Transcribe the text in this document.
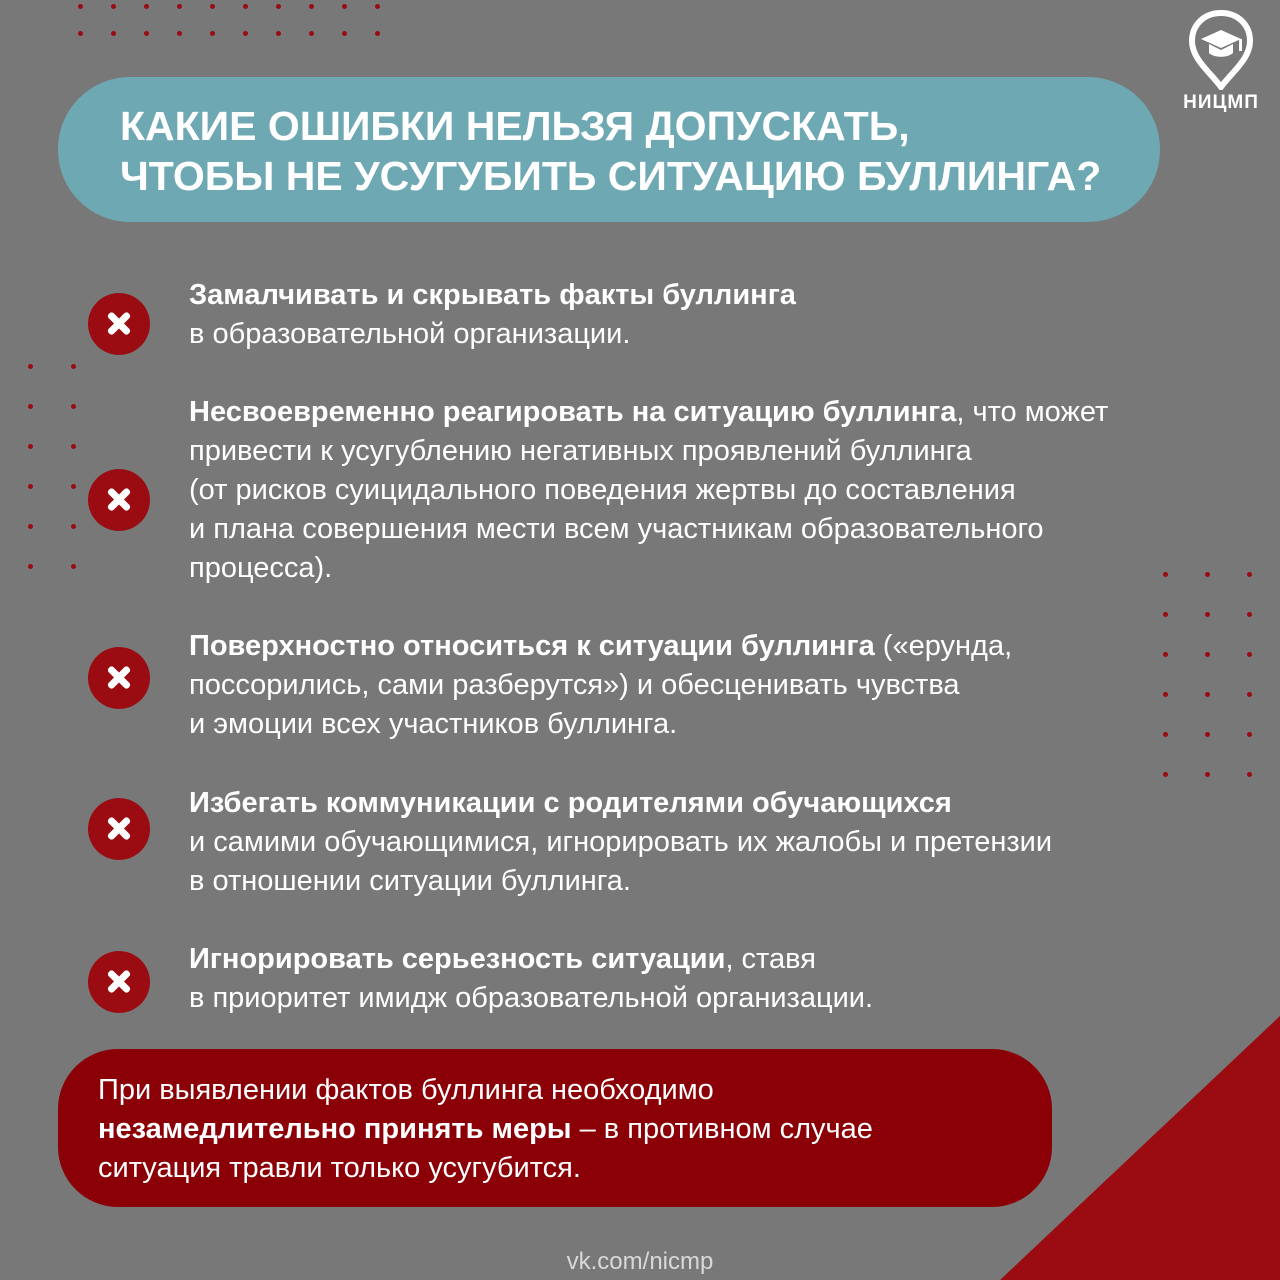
НИЦМП
КАКИЕ ОШИБКИ НЕЛЬЗЯ ДОПУСКАТЬ,
ЧТОБЫ НЕ УСУГУБИТЬ СИТУАЦИЮ БУЛЛИНГА?

Замалчивать и скрывать факты буллинга
в образовательной организации.

Несвоевременно реагировать на ситуацию буллинга, что может
привести к усугублению негативных проявлений буллинга
(от рисков суицидального поведения жертвы до составления
и плана совершения мести всем участникам образовательного
процесса).

Поверхностно относиться к ситуации буллинга («ерунда,
поссорились, сами разберутся») и обесценивать чувства
и эмоции всех участников буллинга.

Избегать коммуникации с родителями обучающихся
и самими обучающимися, игнорировать их жалобы и претензии
в отношении ситуации буллинга.

Игнорировать серьезность ситуации, ставя
в приоритет имидж образовательной организации.

При выявлении фактов буллинга необходимо
незамедлительно принять меры – в противном случае
ситуация травли только усугубится.

vk.com/nicmp
